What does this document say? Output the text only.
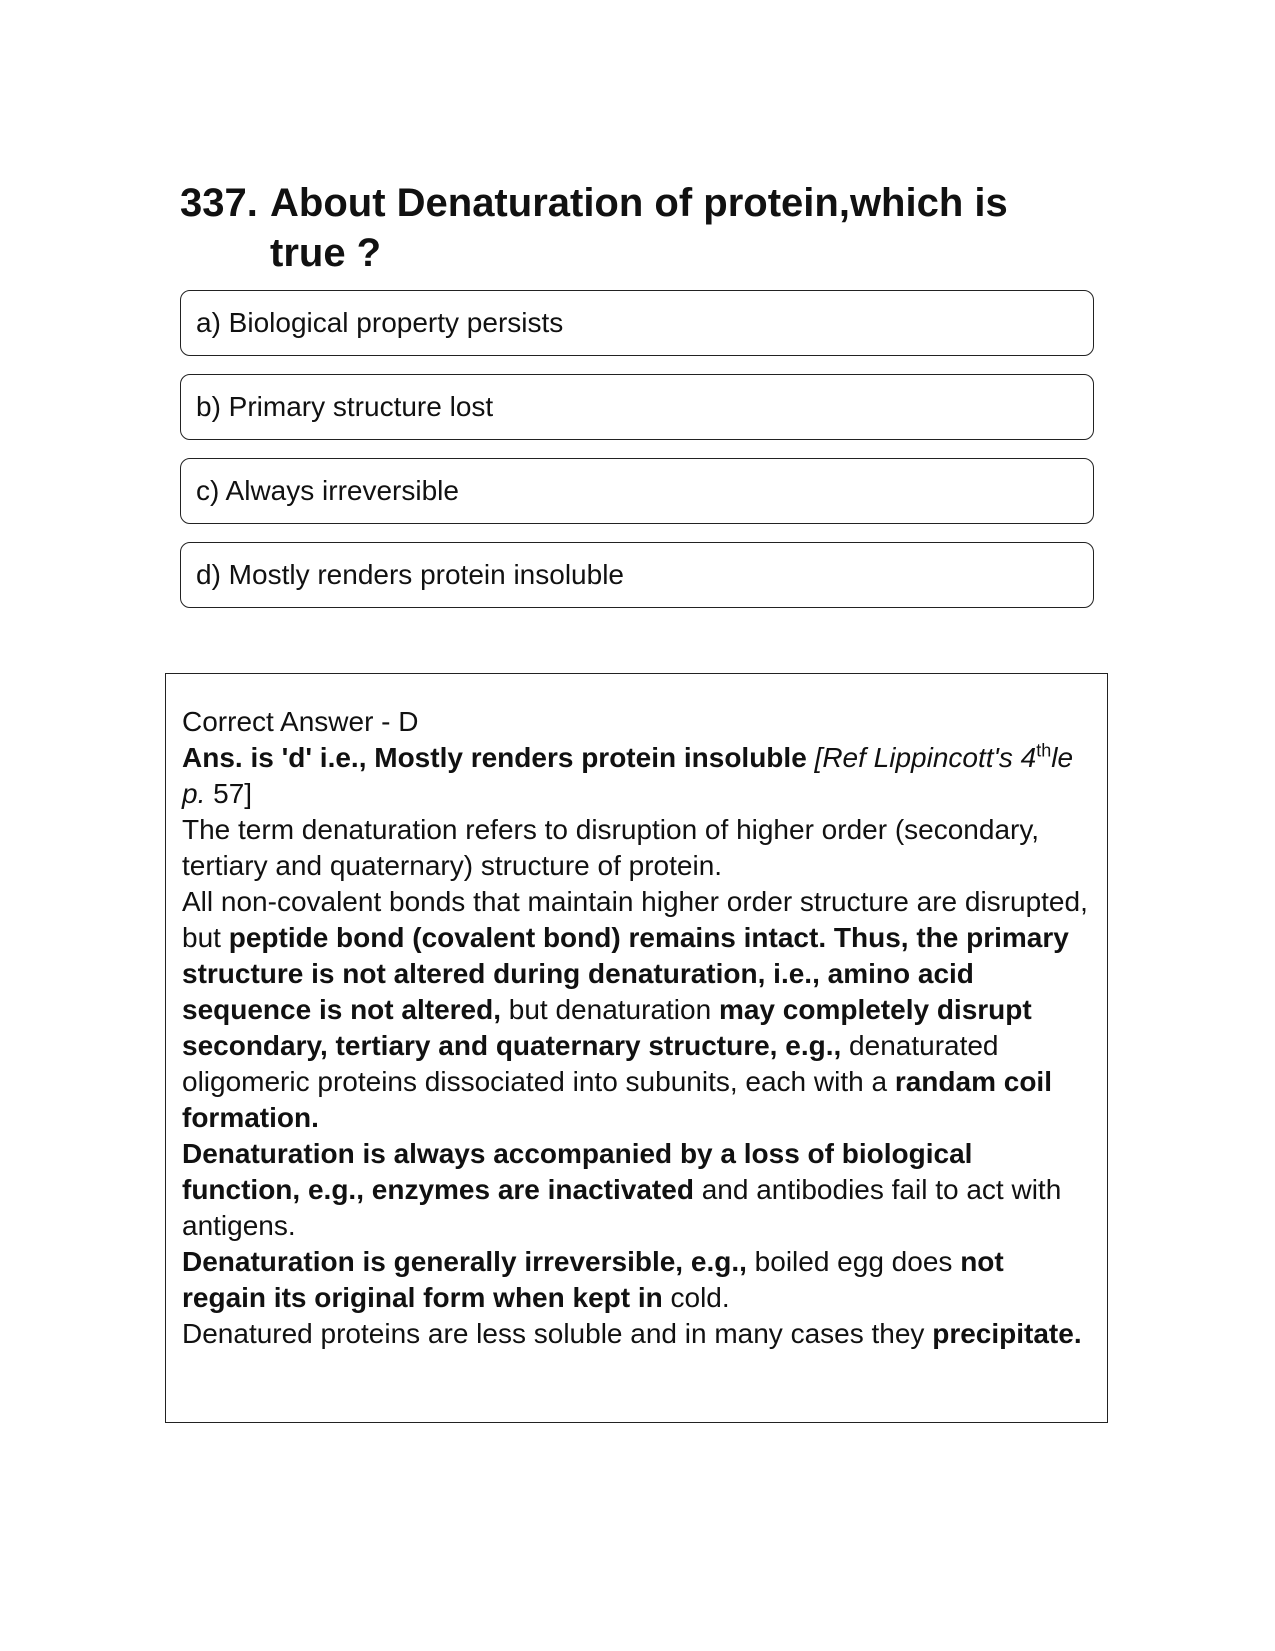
337. About Denaturation of protein,which is true ?
a) Biological property persists
b) Primary structure lost
c) Always irreversible
d) Mostly renders protein insoluble

Correct Answer - D

Ans. is 'd' i.e., Mostly renders protein insoluble [Ref Lippincott's 4thle p. 57]

The term denaturation refers to disruption of higher order (secondary, tertiary and quaternary) structure of protein.

All non-covalent bonds that maintain higher order structure are disrupted, but peptide bond (covalent bond) remains intact. Thus, the primary structure is not altered during denaturation, i.e., amino acid sequence is not altered, but denaturation may completely disrupt secondary, tertiary and quaternary structure, e.g., denaturated oligomeric proteins dissociated into subunits, each with a randam coil formation.

Denaturation is always accompanied by a loss of biological function, e.g., enzymes are inactivated and antibodies fail to act with antigens.

Denaturation is generally irreversible, e.g., boiled egg does not regain its original form when kept in cold.

Denatured proteins are less soluble and in many cases they precipitate.
